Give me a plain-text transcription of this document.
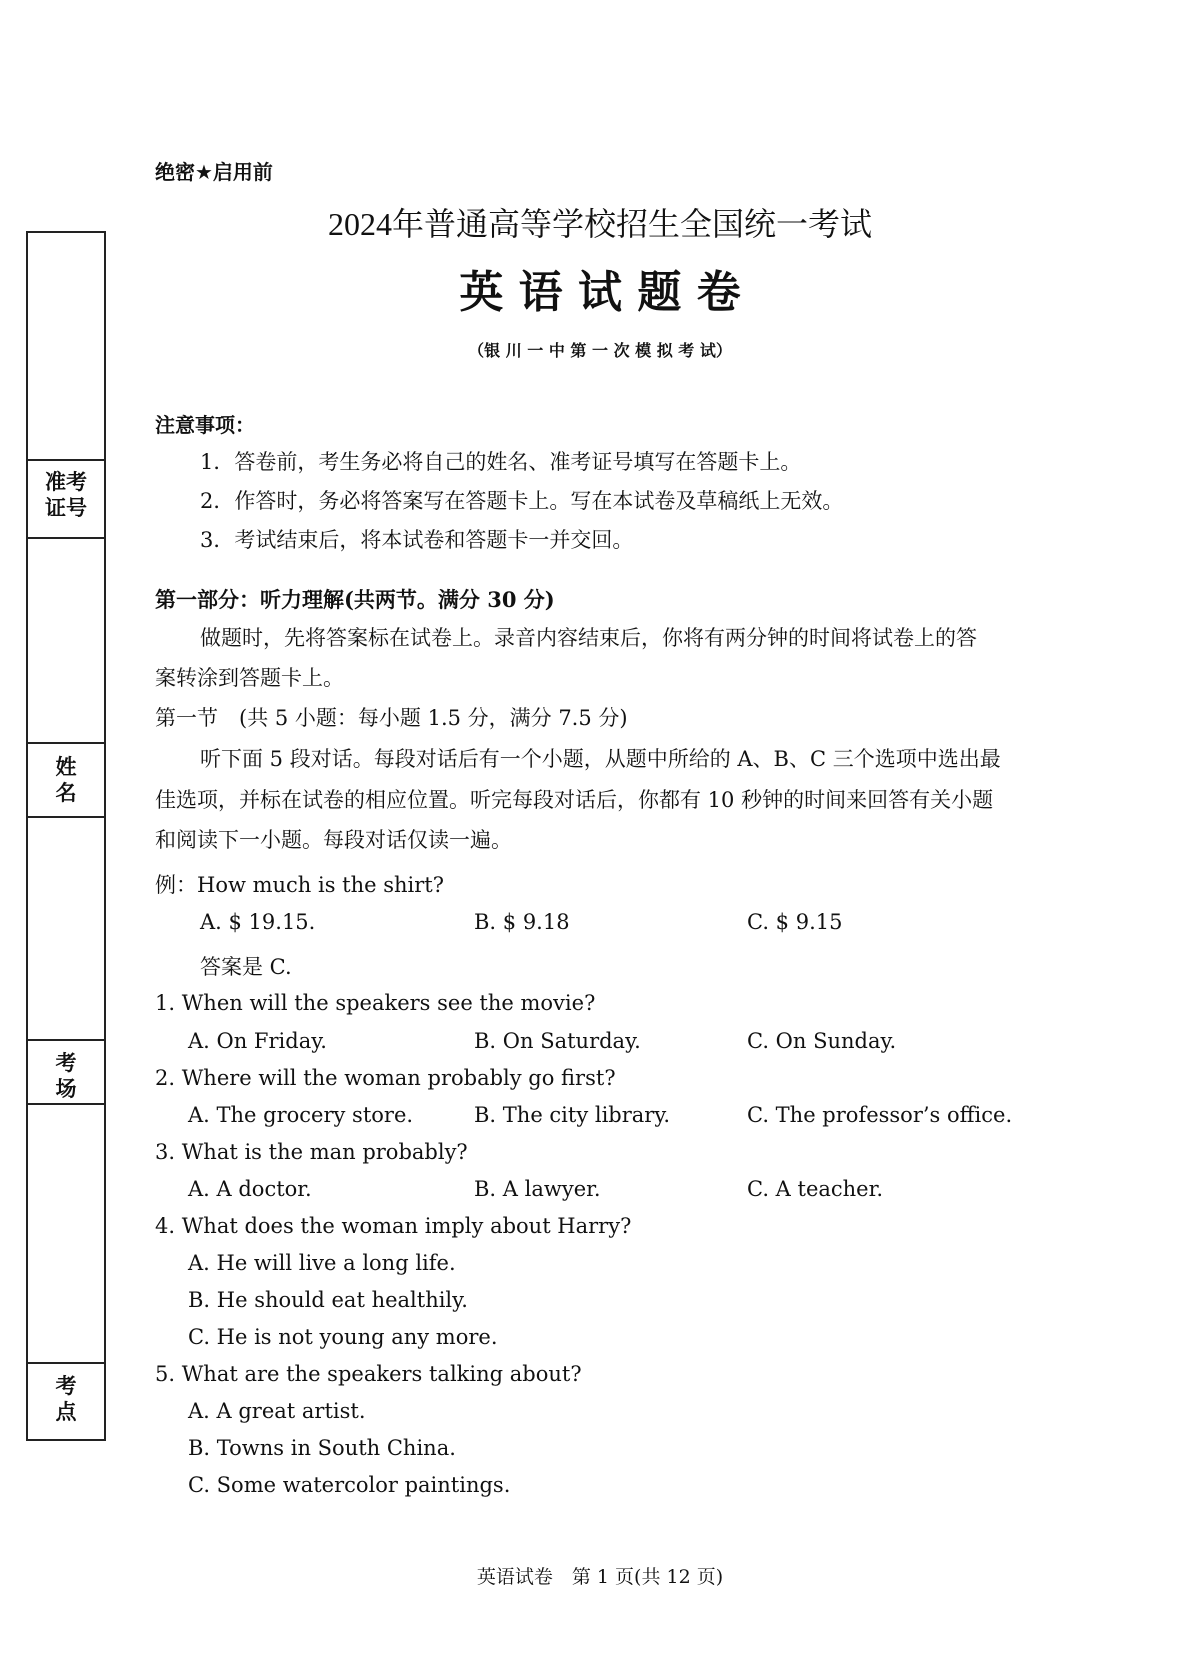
准考
证号
姓
名
考
场
考
点
绝密★启用前
2024年普通高等学校招生全国统一考试
英 语 试 题 卷
（银 川 一 中 第 一 次 模 拟 考 试）
注意事项：
1．答卷前，考生务必将自己的姓名、准考证号填写在答题卡上。
2．作答时，务必将答案写在答题卡上。写在本试卷及草稿纸上无效。
3．考试结束后，将本试卷和答题卡一并交回。
第一部分：听力理解(共两节。满分 30 分)
做题时，先将答案标在试卷上。录音内容结束后，你将有两分钟的时间将试卷上的答
案转涂到答题卡上。
第一节　(共 5 小题：每小题 1.5 分，满分 7.5 分)
听下面 5 段对话。每段对话后有一个小题，从题中所给的 A、B、C 三个选项中选出最
佳选项，并标在试卷的相应位置。听完每段对话后，你都有 10 秒钟的时间来回答有关小题
和阅读下一小题。每段对话仅读一遍。
例：How much is the shirt?
A. $ 19.15.	B. $ 9.18	C. $ 9.15
答案是 C.
1. When will the speakers see the movie?
A. On Friday.	B. On Saturday.	C. On Sunday.
2. Where will the woman probably go first?
A. The grocery store.	B. The city library.	C. The professor’s office.
3. What is the man probably?
A. A doctor.	B. A lawyer.	C. A teacher.
4. What does the woman imply about Harry?
A. He will live a long life.
B. He should eat healthily.
C. He is not young any more.
5. What are the speakers talking about?
A. A great artist.
B. Towns in South China.
C. Some watercolor paintings.
英语试卷　第 1 页(共 12 页)
